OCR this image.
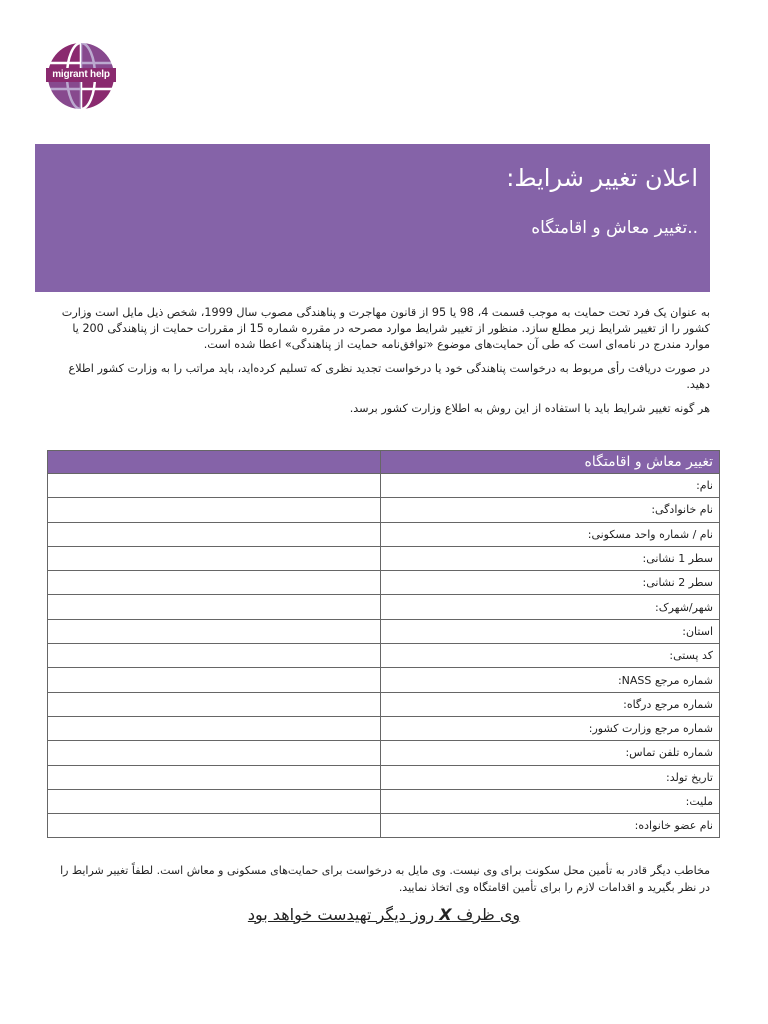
migrant help
اعلان تغییر شرایط:
..تغییر معاش و اقامتگاه

به عنوان یک فرد تحت حمایت به موجب قسمت 4، 98 یا 95 از قانون مهاجرت و پناهندگی مصوب سال 1999، شخص ذیل مایل است وزارت کشور را از تغییر شرایط زیر مطلع سازد. منظور از تغییر شرایط موارد مصرحه در مقرره شماره 15 از مقررات حمایت از پناهندگی 200 یا موارد مندرج در نامه‌ای است که طی آن حمایت‌های موضوع «توافق‌نامه حمایت از پناهندگی» اعطا شده است.

در صورت دریافت رأی مربوط به درخواست پناهندگی خود یا درخواست تجدید نظری که تسلیم کرده‌اید، باید مراتب را به وزارت کشور اطلاع دهید.

هر گونه تغییر شرایط باید با استفاده از این روش به اطلاع وزارت کشور برسد.

تغییر معاش و اقامتگاه	
نام:	
نام خانوادگی:	
نام / شماره واحد مسکونی:	
سطر 1 نشانی:	
سطر 2 نشانی:	
شهر/شهرک:	
استان:	
کد پستی:	
شماره مرجع NASS:	
شماره مرجع درگاه:	
شماره مرجع وزارت کشور:	
شماره تلفن تماس:	
تاریخ تولد:	
ملیت:	
نام عضو خانواده:	
مخاطب دیگر قادر به تأمین محل سکونت برای وی نیست. وی مایل به درخواست برای حمایت‌های مسکونی و معاش است. لطفاً تغییر شرایط را در نظر بگیرید و اقدامات لازم را برای تأمین اقامتگاه وی اتخاذ نمایید.
وی ظرف X روز دیگر تهیدست خواهد بود
